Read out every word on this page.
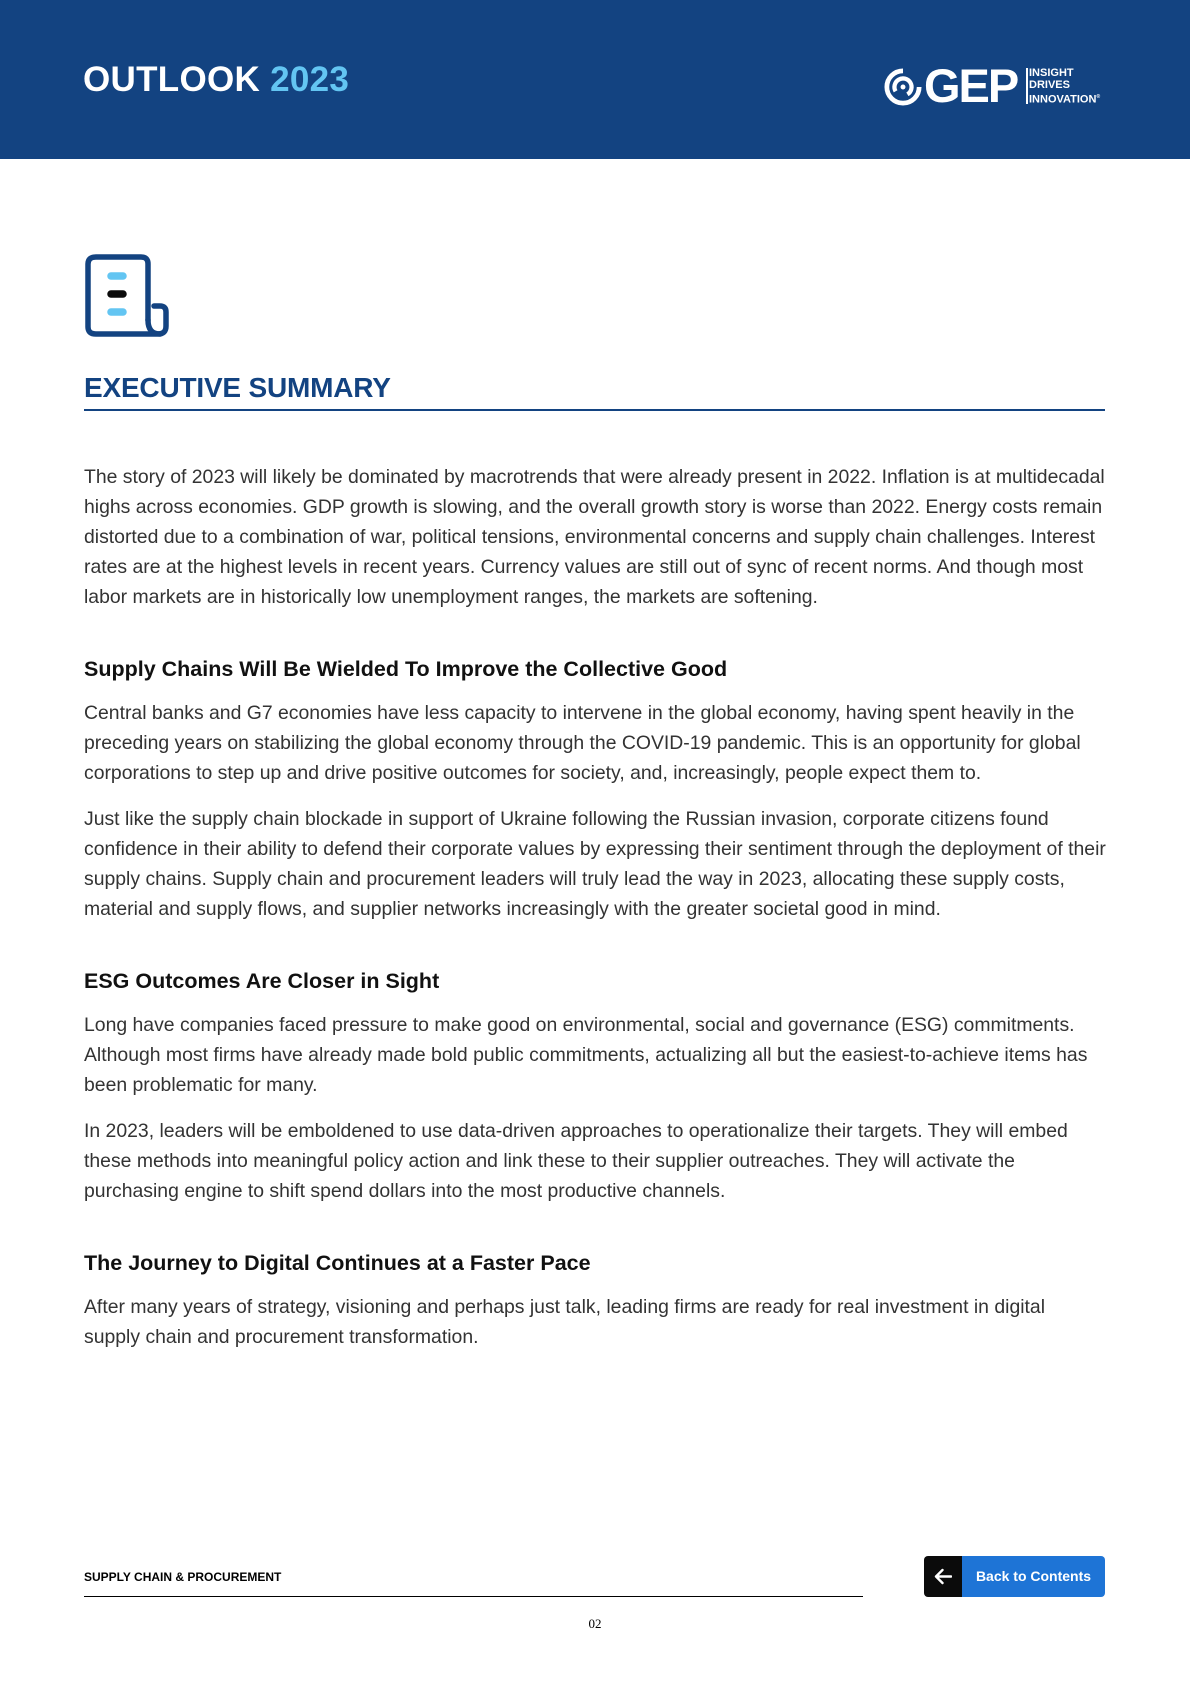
OUTLOOK 2023	GEP INSIGHT
DRIVES
INNOVATION®
EXECUTIVE SUMMARY

The story of 2023 will likely be dominated by macrotrends that were already present in 2022. Inflation is at multidecadal highs across economies. GDP growth is slowing, and the overall growth story is worse than 2022. Energy costs remain distorted due to a combination of war, political tensions, environmental concerns and supply chain challenges. Interest rates are at the highest levels in recent years. Currency values are still out of sync of recent norms. And though most labor markets are in historically low unemployment ranges, the markets are softening.

Supply Chains Will Be Wielded To Improve the Collective Good

Central banks and G7 economies have less capacity to intervene in the global economy, having spent heavily in the preceding years on stabilizing the global economy through the COVID-19 pandemic. This is an opportunity for global corporations to step up and drive positive outcomes for society, and, increasingly, people expect them to.

Just like the supply chain blockade in support of Ukraine following the Russian invasion, corporate citizens found confidence in their ability to defend their corporate values by expressing their sentiment through the deployment of their supply chains. Supply chain and procurement leaders will truly lead the way in 2023, allocating these supply costs, material and supply flows, and supplier networks increasingly with the greater societal good in mind.

ESG Outcomes Are Closer in Sight

Long have companies faced pressure to make good on environmental, social and governance (ESG) commitments. Although most firms have already made bold public commitments, actualizing all but the easiest-to-achieve items has been problematic for many.

In 2023, leaders will be emboldened to use data-driven approaches to operationalize their targets. They will embed these methods into meaningful policy action and link these to their supplier outreaches. They will activate the purchasing engine to shift spend dollars into the most productive channels.

The Journey to Digital Continues at a Faster Pace

After many years of strategy, visioning and perhaps just talk, leading firms are ready for real investment in digital supply chain and procurement transformation.

SUPPLY CHAIN & PROCUREMENT	Back to Contents
02
